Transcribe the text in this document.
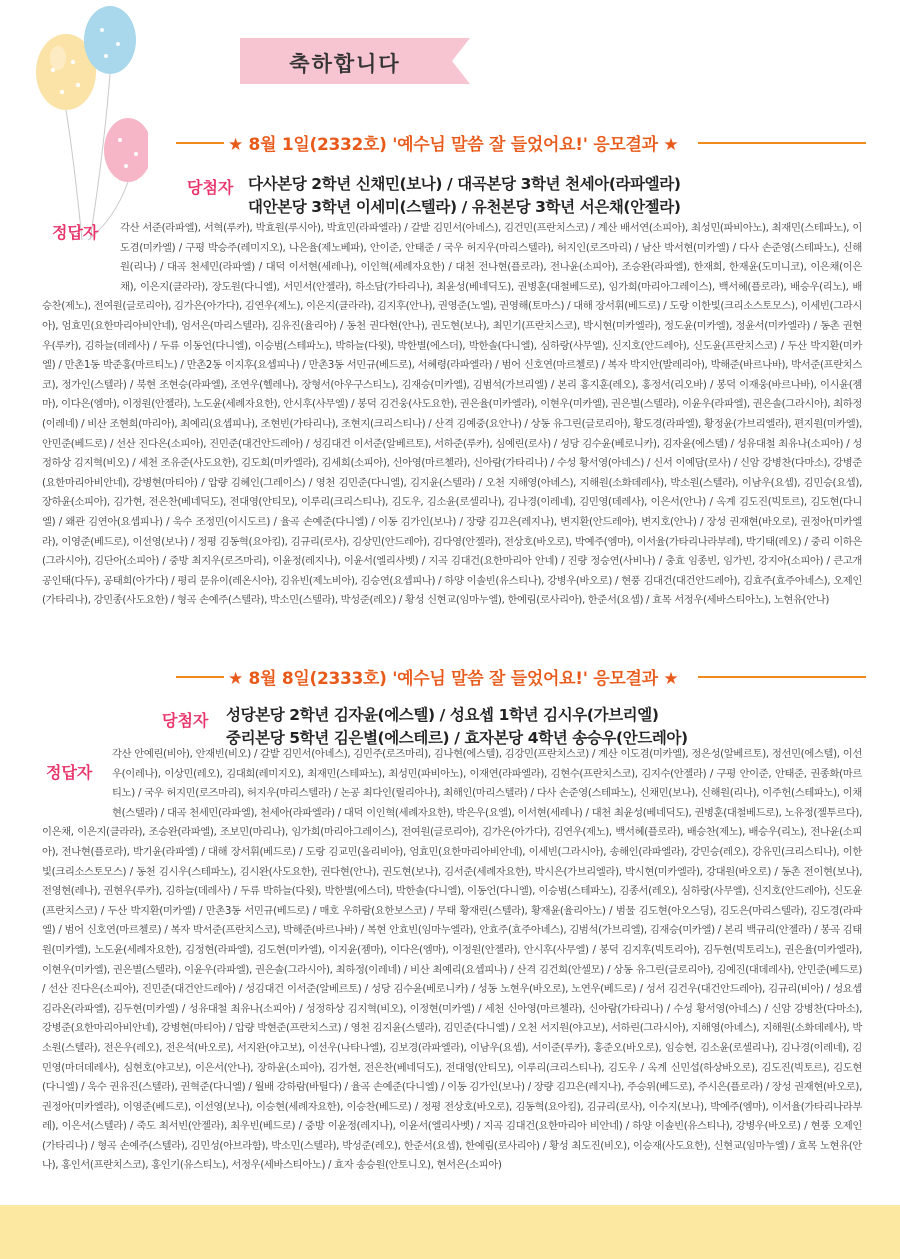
축하합니다
★ 8월 1일(2332호) '예수님 말씀 잘 들었어요!' 응모결과 ★
당첨자 다사본당 2학년 신채민(보나) / 대곡본당 3학년 천세아(라파엘라)
대안본당 3학년 이세미(스텔라) / 유천본당 3학년 서은채(안젤라)
정답자	각산 서준(라파엘), 서혁(루카), 박효원(루시아), 박효민(라파엘라) / 갈밭 김민서(아녜스), 김건민(프란치스코) / 계산 배서연(소피아), 최성민(파비아노), 최재민(스테파노), 이도겸(미카엘) / 구평 박승주(레미지오), 나은율(제노베파), 안이준, 안태준 / 국우 허지우(마리스텔라), 허지인(로즈마리) / 남산 박서현(미카엘) / 다사 손준영(스테파노), 신해원(리나) / 대곡 천세민(라파엘) / 대덕 이서현(세레나), 이인혁(세례자요한) / 대천 전나현(플로라), 전나윤(소피아), 조승완(라파엘), 한재희, 한재윤(도미니코), 이은채(이은채), 이은지(클라라), 장도원(다니엘), 서민서(안젤라), 하소담(가타리나), 최윤성(베네딕도), 권병훈(대철베드로), 임가희(마리아그레이스), 백서혜(플로라), 배승우(리노), 배승찬(제노), 전여원(글로리아), 김가은(아가다), 김연우(제노), 이은지(클라라), 김지후(안나), 권영준(노엘), 권영해(토마스) / 대해 장서휘(베드로) / 도랑 이한빛(크리소스토모스), 이세빈(그라시아), 엄효민(요한마리아비안네), 엄서은(마리스텔라), 김유진(율리아) / 동천 권다현(안나), 권도현(보나), 최민기(프란치스코), 박시현(미카엘라), 정도윤(미카엘), 정윤서(미카엘라) / 동촌 권현우(루카), 김하늘(데레사) / 두류 이동언(다니엘), 이승범(스테파노), 박하늘(다윗), 박한별(에스더), 박한솔(다니엘), 심하랑(사무엘), 신지호(안드레아), 신도윤(프란치스코) / 두산 박지환(미카엘) / 만촌1동 박준홍(마르티노) / 만촌2동 이지후(요셉피나) / 만촌3동 서민규(베드로), 서혜령(라파엘라) / 범어 신호연(마르첼로) / 복자 박지안(발레리아), 박해준(바르나바), 박서준(프란치스코), 정가인(스텔라) / 북현 조현승(라파엘), 조연우(헬레나), 장형서(아우구스티노), 김재승(미카엘), 김범석(가브리엘) / 본리 홍지훈(레오), 홍정서(리오바) / 봉덕 이재웅(바르나바), 이시윤(젬마), 이다은(엠마), 이정원(안젤라), 노도윤(세례자요한), 안시후(사무엘) / 봉덕 김건웅(사도요한), 권은율(미카엘라), 이현우(미카엘), 권은별(스텔라), 이윤우(라파엘), 권은솔(그라시아), 최하정(이레네) / 비산 조현희(마리아), 최예리(요셉피나), 조현빈(가타리나), 조현지(크리스티나) / 산격 김예중(요안나) / 상동 유그린(글로리아), 황도경(라파엘), 황정윤(가브리엘라), 편지원(미카엘), 안민준(베드로) / 선산 진다은(소피아), 진민준(대건안드레아) / 성김대건 이서준(알베르토), 서하준(루카), 심예린(로사) / 성당 김수윤(베로니카), 김자윤(에스텔) / 성유대철 최유나(소피아) / 성정하상 김지혁(비오) / 세천 조유준(사도요한), 김도희(미카엘라), 김세희(소피아), 신아영(마르첼라), 신아람(가타리나) / 수성 황서영(아네스) / 신서 이예담(로사) / 신암 강병찬(다마소), 강병준(요한마리아비안네), 강병현(마티아) / 압량 김혜인(그레이스) / 영천 김민준(다니엘), 김지윤(스텔라) / 오천 지해영(아녜스), 지해원(소화데레사), 박소원(스텔라), 이남우(요셉), 김민승(요셉), 장하윤(소피아), 김가현, 전은찬(베네딕도), 전대영(안티모), 이루리(크리스티나), 김도우, 김소윤(로셀리나), 김나경(이레네), 김민영(데레사), 이은서(안나) / 옥계 김도진(빅토르), 김도현(다니엘) / 왜관 김연아(요셉피나) / 욱수 조정민(이시도르) / 율곡 손예준(다니엘) / 이동 김가인(보나) / 장량 김끄은(레지나), 변지환(안드레아), 변지호(안나) / 장성 권재현(바오로), 권정아(미카엘라), 이영준(베드로), 이선영(보나) / 정평 김동혁(요아킴), 김규리(로사), 김상민(안드레아), 김다영(안젤라), 전상호(바오로), 박예주(엠마), 이서율(가타리나라부레), 박기태(레오) / 중리 이하은(그라시아), 김단아(소피아) / 중방 최지우(로즈마리), 이윤정(레지나), 이윤서(엘리사벳) / 지곡 김대건(요한마리아 안네) / 진량 정승연(사비나) / 충효 임종빈, 임가빈, 강지아(소피아) / 큰고개 공인태(다두), 공태희(아가다) / 평리 문유이(레온시아), 김유빈(제노비아), 김승연(요셉피나) / 하양 이솔빈(유스티나), 강병우(바오로) / 현풍 김대건(대건안드레아), 김효주(효주아녜스), 오제인(가타리나), 강민종(사도요한) / 형곡 손예주(스텔라), 박소민(스텔라), 박성준(레오) / 황성 신현교(임마누엘), 한예림(로사리아), 한준서(요셉) / 효목 서정우(세바스티아노), 노현유(안나)
★ 8월 8일(2333호) '예수님 말씀 잘 들었어요!' 응모결과 ★
당첨자 성당본당 2학년 김자윤(에스텔) / 성요셉 1학년 김시우(가브리엘)
중리본당 5학년 김은별(에스테르) / 효자본당 4학년 송승우(안드레아)
정답자
각산 안예린(비아), 안재빈(비오) / 갈밭 김민서(아녜스), 김민주(로즈마리), 김나현(에스텔), 김강민(프란치스코) / 계산 이도겸(미카엘), 정은성(알베르토), 정선민(에스텔), 이선우(이레나), 이상민(레오), 김대희(레미지오), 최재민(스테파노), 최성민(파비아노), 이재연(라파엘라), 김현수(프란치스코), 김지수(안젤라) / 구평 안이준, 안태준, 권종화(마르티노) / 국우 허지민(로즈마리), 허지우(마리스텔라) / 논공 최다인(릴리아나), 최해인(마리스텔라) / 다사 손준영(스테파노), 신채민(보나), 신해원(리나), 이주헌(스테파노), 이채현(스텔라) / 대곡 천세민(라파엘), 천세아(라파엘라) / 대덕 이인혁(세례자요한), 박은우(요엘), 이서현(세레나) / 대천 최윤성(베네딕도), 권병훈(대철베드로), 노유정(젤투르다), 이은채, 이은지(클라라), 조승완(라파엘), 조보민(마리나), 임가희(마리아그레이스), 전여원(글로리아), 김가은(아가다), 김연우(제노), 백서혜(플로라), 배승찬(제노), 배승우(리노), 전나윤(소피아), 전나현(플로라), 박기윤(라파엘) / 대해 장서휘(베드로) / 도랑 김교민(올리비아), 엄효민(요한마리아비안네), 이세빈(그라시아), 송해인(라파엘라), 강민승(레오), 강유민(크리스티나), 이한빛(크리소스토모스) / 동천 김시우(스테파노), 김시완(사도요한), 권다현(안나), 권도현(보나), 김서준(세례자요한), 박시은(가브리엘라), 박시현(미카엘라), 강대원(바오로) / 동촌 전이현(보나), 전영현(레나), 권현우(루카), 김하늘(데레사) / 두류 박하늘(다윗), 박한별(에스더), 박한솔(다니엘), 이동언(다니엘), 이승범(스테파노), 김종서(레오), 심하랑(사무엘), 신지호(안드레아), 신도윤(프란치스코) / 두산 박지환(미카엘) / 만촌3동 서민규(베드로) / 매호 우하람(요한보스코) / 무태 황재린(스텔라), 황재윤(율리아노) / 범물 김도현(아오스딩), 김도은(마리스텔라), 김도경(라파엘) / 범어 신호연(마르첼로) / 복자 박서준(프란치스코), 박해준(바르나바) / 복현 안효빈(임마누엘라), 안효주(효주아녜스), 김범석(가브리엘), 김재승(미카엘) / 본리 백규리(안젤라) / 봉곡 김태원(미카엘), 노도윤(세례자요한), 김정현(라파엘), 김도현(미카엘), 이지윤(젬마), 이다은(엠마), 이정원(안젤라), 안시후(사무엘) / 봉덕 김지후(빅토리아), 김두현(빅토리노), 권은율(미카엘라), 이현우(미카엘), 권은별(스텔라), 이윤우(라파엘), 권은솔(그라시아), 최하정(이레네) / 비산 최예리(요셉피나) / 산격 김건희(안셀모) / 상동 유그린(글로리아), 김예진(대데레사), 안민준(베드로) / 선산 진다은(소피아), 진민준(대건안드레아) / 성김대건 이서준(알베르토) / 성당 김수윤(베로니카) / 성동 노현우(바오로), 노연우(베드로) / 성서 김건우(대건안드레아), 김규리(비아) / 성요셉 김라온(라파엘), 김두현(미카엘) / 성유대철 최유나(소피아) / 성정하상 김지혁(비오), 이정현(미카엘) / 세천 신아영(마르첼라), 신아람(가타리나) / 수성 황서영(아네스) / 신암 강병찬(다마소), 강병준(요한마리아비안네), 강병현(마티아) / 압량 박현준(프란치스코) / 영천 김지윤(스텔라), 김민준(다니엘) / 오천 서지원(야고보), 서하린(그라시아), 지해영(아녜스), 지해원(소화데레사), 박소원(스텔라), 전은우(레오), 전은석(바오로), 서지완(야고보), 이선우(나타나엘), 김보경(라파엘라), 이남우(요셉), 서이준(루카), 홍준오(바오로), 임승현, 김소윤(로셀리나), 김나경(이레네), 김민영(마더데레사), 심현호(야고보), 이은서(안나), 장하윤(소피아), 김가현, 전은찬(베네딕도), 전대영(안티모), 이루리(크리스티나), 김도우 / 옥계 신민섭(하상바오로), 김도진(빅토르), 김도현(다니엘) / 욱수 권유진(스텔라), 권혁준(다니엘) / 월배 강하람(바틸다) / 율곡 손예준(다니엘) / 이동 김가인(보나) / 장량 김끄은(레지나), 주승위(베드로), 주시은(플로라) / 장성 권재현(바오로), 권정아(미카엘라), 이영준(베드로), 이선영(보나), 이승현(세례자요한), 이승찬(베드로) / 정평 전상호(바오로), 김동혁(요아킴), 김규리(로사), 이수지(보나), 박예주(엠마), 이서율(가타리나라부레), 이은서(스텔라) / 죽도 최서빈(안젤라), 최우빈(베드로) / 중방 이윤정(레지나), 이윤서(엘리사벳) / 지곡 김대건(요한마리아 비안네) / 하양 이솔빈(유스티나), 강병우(바오로) / 현풍 오제인(가타리나) / 형곡 손예주(스텔라), 김민성(아브라함), 박소민(스텔라), 박성준(레오), 한준서(요셉), 한예림(로사리아) / 황성 최도진(비오), 이승재(사도요한), 신현교(임마누엘) / 효목 노현유(안나), 홍인서(프란치스코), 홍인기(유스티노), 서정우(세바스티아노) / 효자 송승원(안토니오), 현서은(소피아)
